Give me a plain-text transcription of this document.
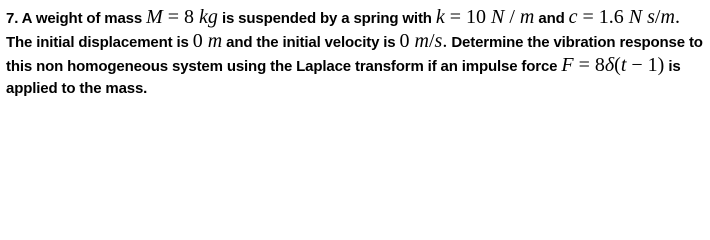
7. A weight of mass M = 8 kg is suspended by a spring with k = 10 N / m and c = 1.6 N s/m.
The initial displacement is 0 m and the initial velocity is 0 m/s. Determine the vibration response to
this non homogeneous system using the Laplace transform if an impulse force F = 8δ(t − 1) is
applied to the mass.
